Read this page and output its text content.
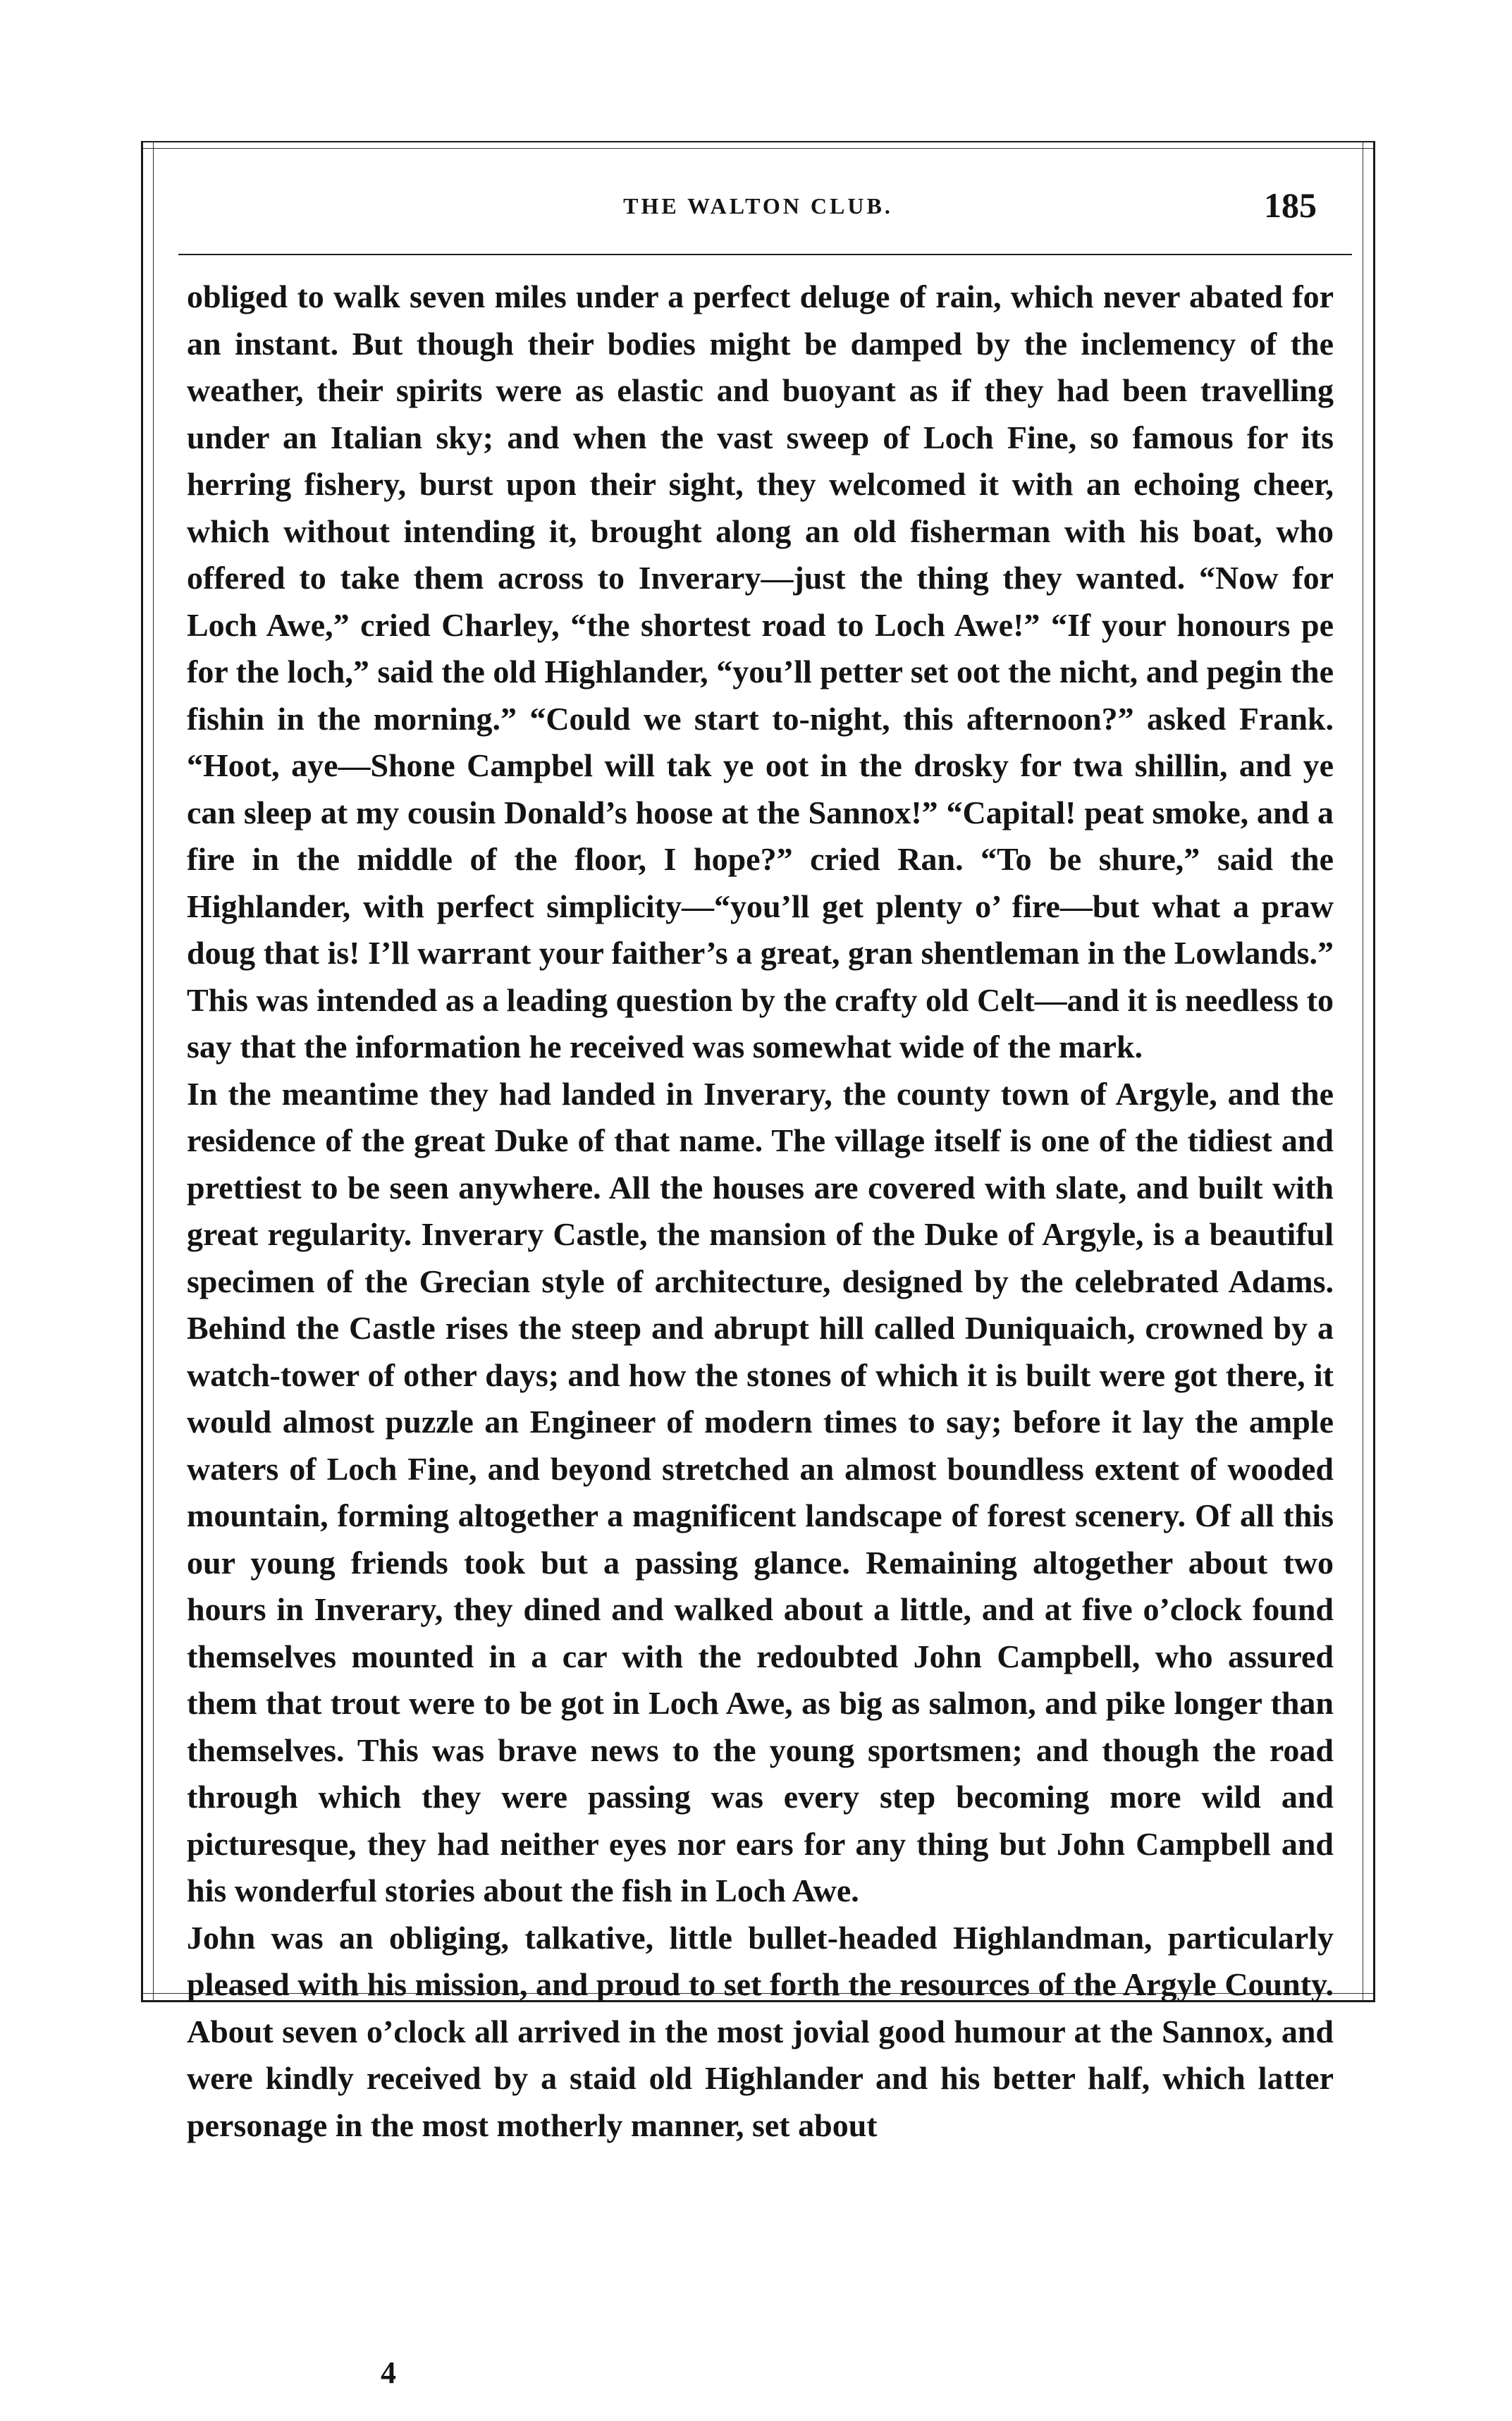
THE WALTON CLUB.	185

obliged to walk seven miles under a perfect deluge of rain, which never abated for an instant. But though their bodies might be damped by the inclemency of the weather, their spirits were as elastic and buoyant as if they had been travelling under an Italian sky; and when the vast sweep of Loch Fine, so famous for its herring fishery, burst upon their sight, they welcomed it with an echoing cheer, which without intending it, brought along an old fisherman with his boat, who offered to take them across to Inverary—just the thing they wanted. “Now for Loch Awe,” cried Charley, “the shortest road to Loch Awe!” “If your honours pe for the loch,” said the old Highlander, “you’ll petter set oot the nicht, and pegin the fishin in the morning.” “Could we start to-night, this afternoon?” asked Frank. “Hoot, aye—Shone Campbel will tak ye oot in the drosky for twa shillin, and ye can sleep at my cousin Donald’s hoose at the Sannox!” “Capital! peat smoke, and a fire in the middle of the floor, I hope?” cried Ran. “To be shure,” said the Highlander, with perfect simplicity—“you’ll get plenty o’ fire—but what a praw doug that is! I’ll warrant your faither’s a great, gran shentleman in the Lowlands.” This was intended as a leading question by the crafty old Celt—and it is needless to say that the information he received was somewhat wide of the mark.

In the meantime they had landed in Inverary, the county town of Argyle, and the residence of the great Duke of that name. The village itself is one of the tidiest and prettiest to be seen anywhere. All the houses are covered with slate, and built with great regularity. Inverary Castle, the mansion of the Duke of Argyle, is a beautiful specimen of the Grecian style of architecture, designed by the celebrated Adams. Behind the Castle rises the steep and abrupt hill called Duniquaich, crowned by a watch-tower of other days; and how the stones of which it is built were got there, it would almost puzzle an Engineer of modern times to say; before it lay the ample waters of Loch Fine, and beyond stretched an almost boundless extent of wooded mountain, forming altogether a magnificent landscape of forest scenery. Of all this our young friends took but a passing glance. Remaining altogether about two hours in Inverary, they dined and walked about a little, and at five o’clock found themselves mounted in a car with the redoubted John Campbell, who assured them that trout were to be got in Loch Awe, as big as salmon, and pike longer than themselves. This was brave news to the young sportsmen; and though the road through which they were passing was every step becoming more wild and picturesque, they had neither eyes nor ears for any thing but John Campbell and his wonderful stories about the fish in Loch Awe.

John was an obliging, talkative, little bullet-headed Highlandman, particularly pleased with his mission, and proud to set forth the resources of the Argyle County. About seven o’clock all arrived in the most jovial good humour at the Sannox, and were kindly received by a staid old Highlander and his better half, which latter personage in the most motherly manner, set about

4
